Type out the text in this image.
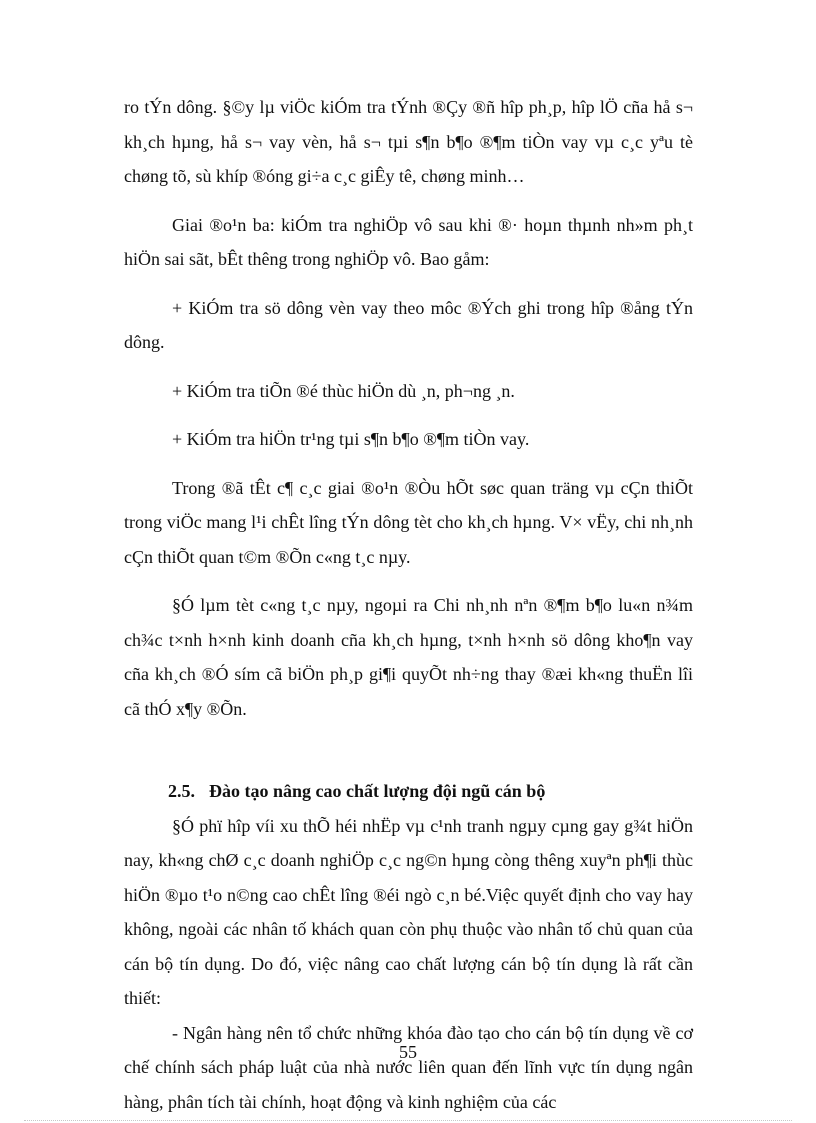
ro tÝn dông. §©y lµ viÖc kiÓm tra tÝnh ®Çy ®ñ hîp ph¸p, hîp lÖ cña hå s¬ kh¸ch hµng, hå s¬ vay vèn, hå s¬ tµi s¶n b¶o ®¶m tiÒn vay vµ c¸c yªu tè chøng tõ, sù khíp ®óng gi÷a c¸c giÊy tê, chøng minh…

Giai ®o¹n ba: kiÓm tra nghiÖp vô sau khi ®· hoµn thµnh nh»m ph¸t hiÖn sai sãt, bÊt thêng trong nghiÖp vô. Bao gåm:

+ KiÓm tra sö dông vèn vay theo môc ®Ých ghi trong hîp ®ång tÝn dông.

+ KiÓm tra tiÕn ®é thùc hiÖn dù ¸n, ph¬ng ¸n.

+ KiÓm tra hiÖn tr¹ng tµi s¶n b¶o ®¶m tiÒn vay.

Trong ®ã tÊt c¶ c¸c giai ®o¹n ®Òu hÕt søc quan träng vµ cÇn thiÕt trong viÖc mang l¹i chÊt lîng tÝn dông tèt cho kh¸ch hµng. V× vËy, chi nh¸nh cÇn thiÕt quan t©m ®Õn c«ng t¸c nµy.

§Ó lµm tèt c«ng t¸c nµy, ngoµi ra Chi nh¸nh nªn ®¶m b¶o lu«n n¾m ch¾c t×nh h×nh kinh doanh cña kh¸ch hµng, t×nh h×nh sö dông kho¶n vay cña kh¸ch ®Ó sím cã biÖn ph¸p gi¶i quyÕt nh÷ng thay ®æi kh«ng thuËn lîi cã thÓ x¶y ®Õn.

2.5. Đào tạo nâng cao chất lượng đội ngũ cán bộ

§Ó phï hîp víi xu thÕ héi nhËp vµ c¹nh tranh ngµy cµng gay g¾t hiÖn nay, kh«ng chØ c¸c doanh nghiÖp c¸c ng©n hµng còng thêng xuyªn ph¶i thùc hiÖn ®µo t¹o n©ng cao chÊt lîng ®éi ngò c¸n bé.Việc quyết định cho vay hay không, ngoài các nhân tố khách quan còn phụ thuộc vào nhân tố chủ quan của cán bộ tín dụng. Do đó, việc nâng cao chất lượng cán bộ tín dụng là rất cần thiết:

- Ngân hàng nên tổ chức những khóa đào tạo cho cán bộ tín dụng về cơ chế chính sách pháp luật của nhà nước liên quan đến lĩnh vực tín dụng ngân hàng, phân tích tài chính, hoạt động và kinh nghiệm của các

55
